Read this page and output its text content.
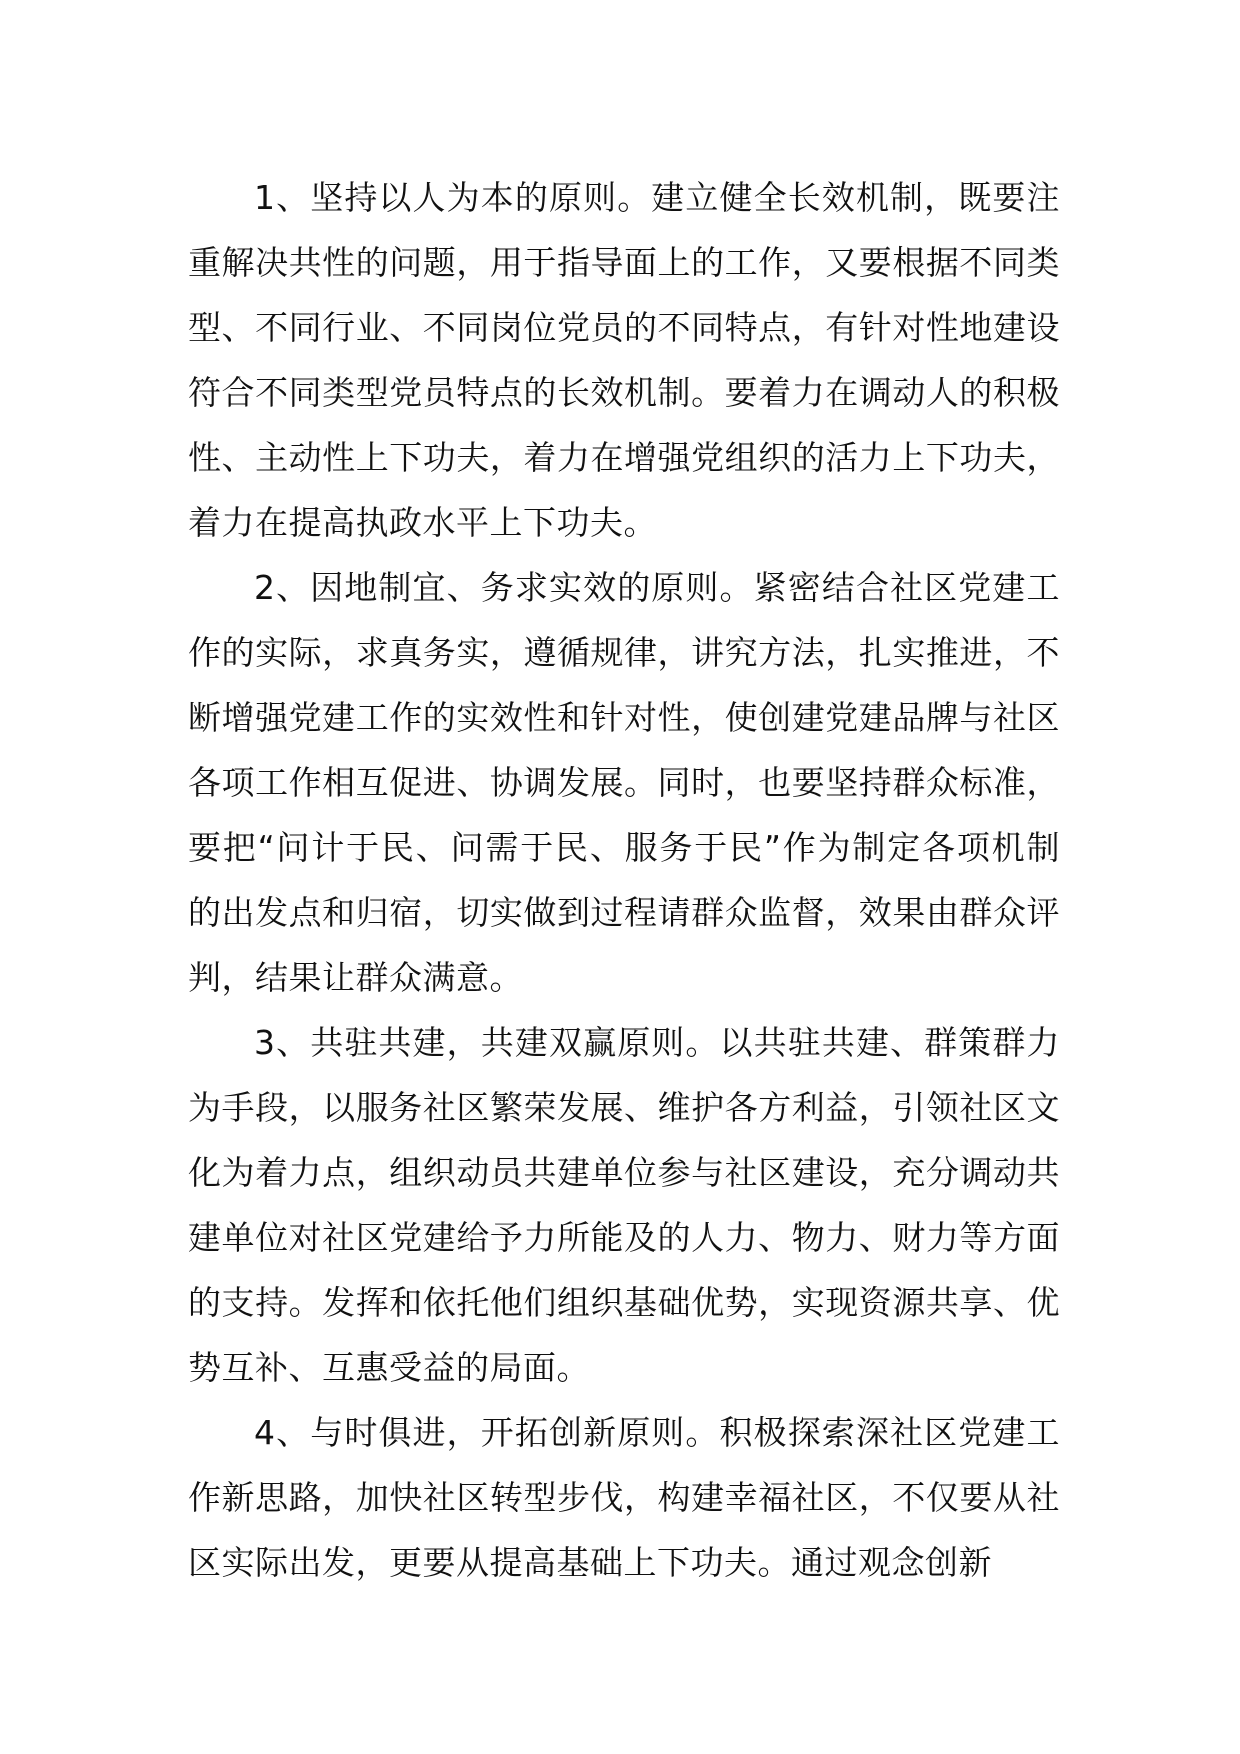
1、坚持以人为本的原则。建立健全长效机制，既要注重解决共性的问题，用于指导面上的工作，又要根据不同类型、不同行业、不同岗位党员的不同特点，有针对性地建设符合不同类型党员特点的长效机制。要着力在调动人的积极性、主动性上下功夫，着力在增强党组织的活力上下功夫，着力在提高执政水平上下功夫。

2、因地制宜、务求实效的原则。紧密结合社区党建工作的实际，求真务实，遵循规律，讲究方法，扎实推进，不断增强党建工作的实效性和针对性，使创建党建品牌与社区各项工作相互促进、协调发展。同时，也要坚持群众标准，要把“问计于民、问需于民、服务于民”作为制定各项机制的出发点和归宿，切实做到过程请群众监督，效果由群众评判，结果让群众满意。

3、共驻共建，共建双赢原则。以共驻共建、群策群力为手段，以服务社区繁荣发展、维护各方利益，引领社区文化为着力点，组织动员共建单位参与社区建设，充分调动共建单位对社区党建给予力所能及的人力、物力、财力等方面的支持。发挥和依托他们组织基础优势，实现资源共享、优势互补、互惠受益的局面。

4、与时俱进，开拓创新原则。积极探索深社区党建工作新思路，加快社区转型步伐，构建幸福社区，不仅要从社区实际出发，更要从提高基础上下功夫。通过观念创新
